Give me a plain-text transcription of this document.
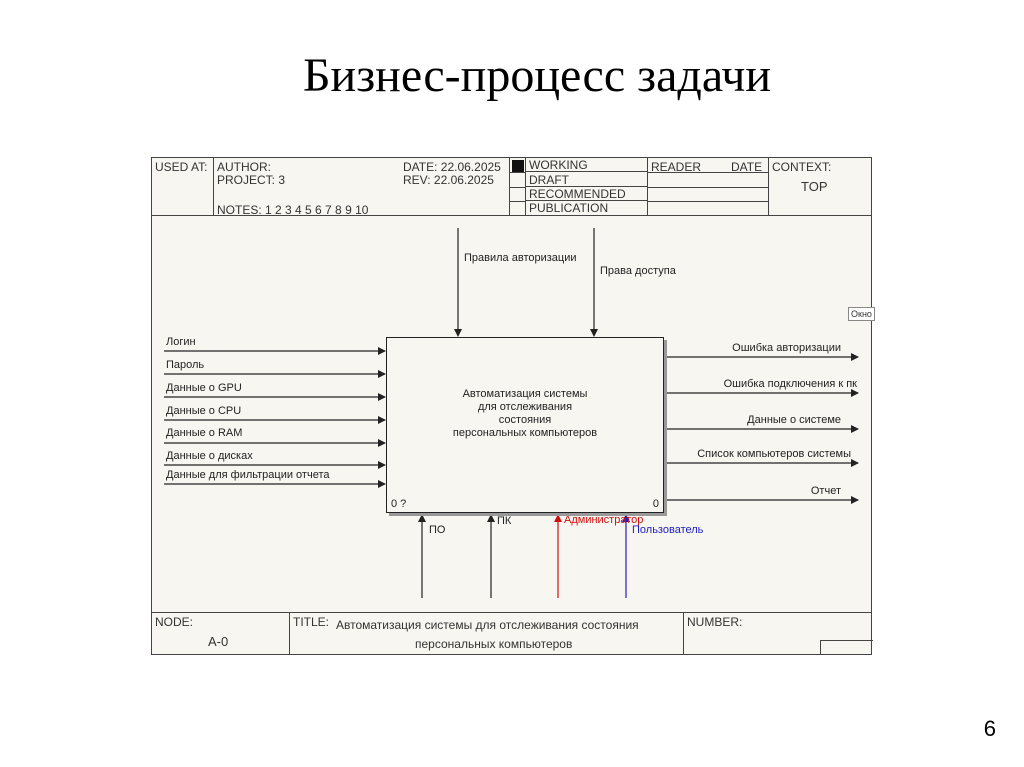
Бизнес-процесс задачи
USED AT: AUTHOR:
PROJECT: 3
NOTES: 1 2 3 4 5 6 7 8 9 10
DATE: 22.06.2025
REV: 22.06.2025
WORKING
DRAFT
RECOMMENDED
PUBLICATION
READER DATE CONTEXT:
TOP
NODE:
A-0
TITLE: Автоматизация системы для отслеживания состояния
персональных компьютеров
NUMBER:
Правила авторизации
Права доступа
Логин
Пароль
Данные о GPU
Данные о CPU
Данные о RAM
Данные о дисках
Данные для фильтрации отчета
Ошибка авторизации
Ошибка подключения к пк
Данные о системе
Список компьютеров системы
Отчет
ПО
ПК	Администратор
Пользователь
Автоматизация системы
для отслеживания
состояния
персональных компьютеров
0 ?	0
Окно
6
